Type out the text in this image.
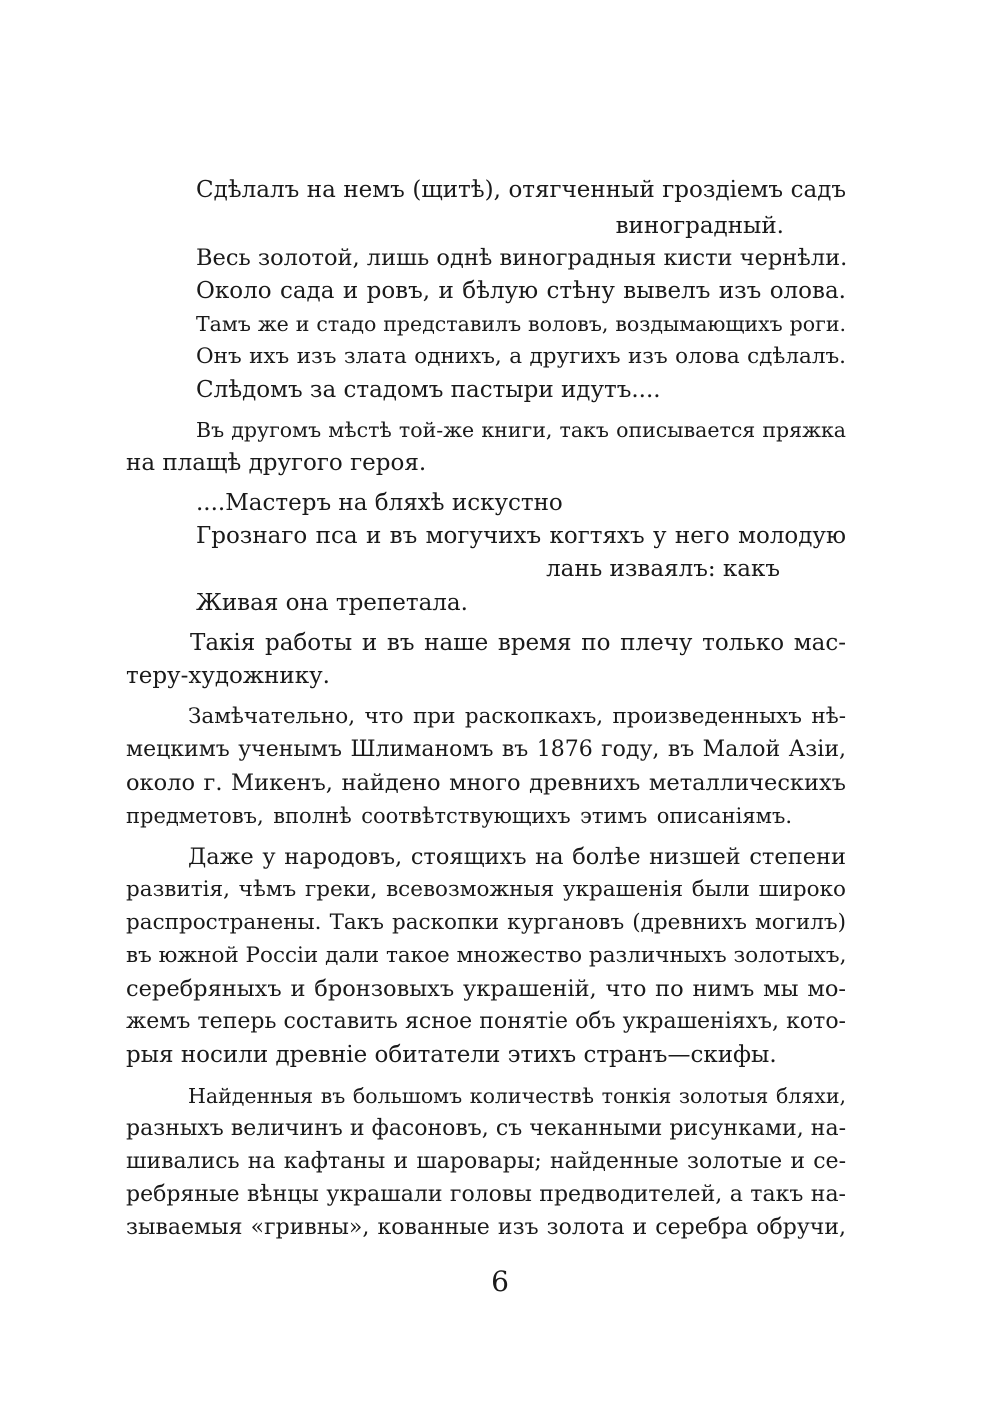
Сдѣлалъ на немъ (щитѣ), отягченный гроздіемъ садъ
виноградный.
Весь золотой, лишь однѣ виноградныя кисти чернѣли.
Около сада и ровъ, и бѣлую стѣну вывелъ изъ олова.
Тамъ же и стадо представилъ воловъ, воздымающихъ роги.
Онъ ихъ изъ злата однихъ, а другихъ изъ олова сдѣлалъ.
Слѣдомъ за стадомъ пастыри идутъ....
Въ другомъ мѣстѣ той-же книги, такъ описывается пряжка
на плащѣ другого героя.
....Мастеръ на бляхѣ искустно
Грознаго пса и въ могучихъ когтяхъ у него молодую
лань изваялъ: какъ
Живая она трепетала.
Такія работы и въ наше время по плечу только мас-
теру-художнику.
Замѣчательно, что при раскопкахъ, произведенныхъ нѣ-
мецкимъ ученымъ Шлиманомъ въ 1876 году, въ Малой Азіи,
около г. Микенъ, найдено много древнихъ металлическихъ
предметовъ, вполнѣ соотвѣтствующихъ этимъ описаніямъ.
Даже у народовъ, стоящихъ на болѣе низшей степени
развитія, чѣмъ греки, всевозможныя украшенія были широко
распространены. Такъ раскопки кургановъ (древнихъ могилъ)
въ южной Россіи дали такое множество различныхъ золотыхъ,
серебряныхъ и бронзовыхъ украшеній, что по нимъ мы мо-
жемъ теперь составить ясное понятіе объ украшеніяхъ, кото-
рыя носили древніе обитатели этихъ странъ—скифы.
Найденныя въ большомъ количествѣ тонкія золотыя бляхи,
разныхъ величинъ и фасоновъ, съ чеканными рисунками, на-
шивались на кафтаны и шаровары; найденные золотые и се-
ребряные вѣнцы украшали головы предводителей, а такъ на-
зываемыя «гривны», кованные изъ золота и серебра обручи,
6
